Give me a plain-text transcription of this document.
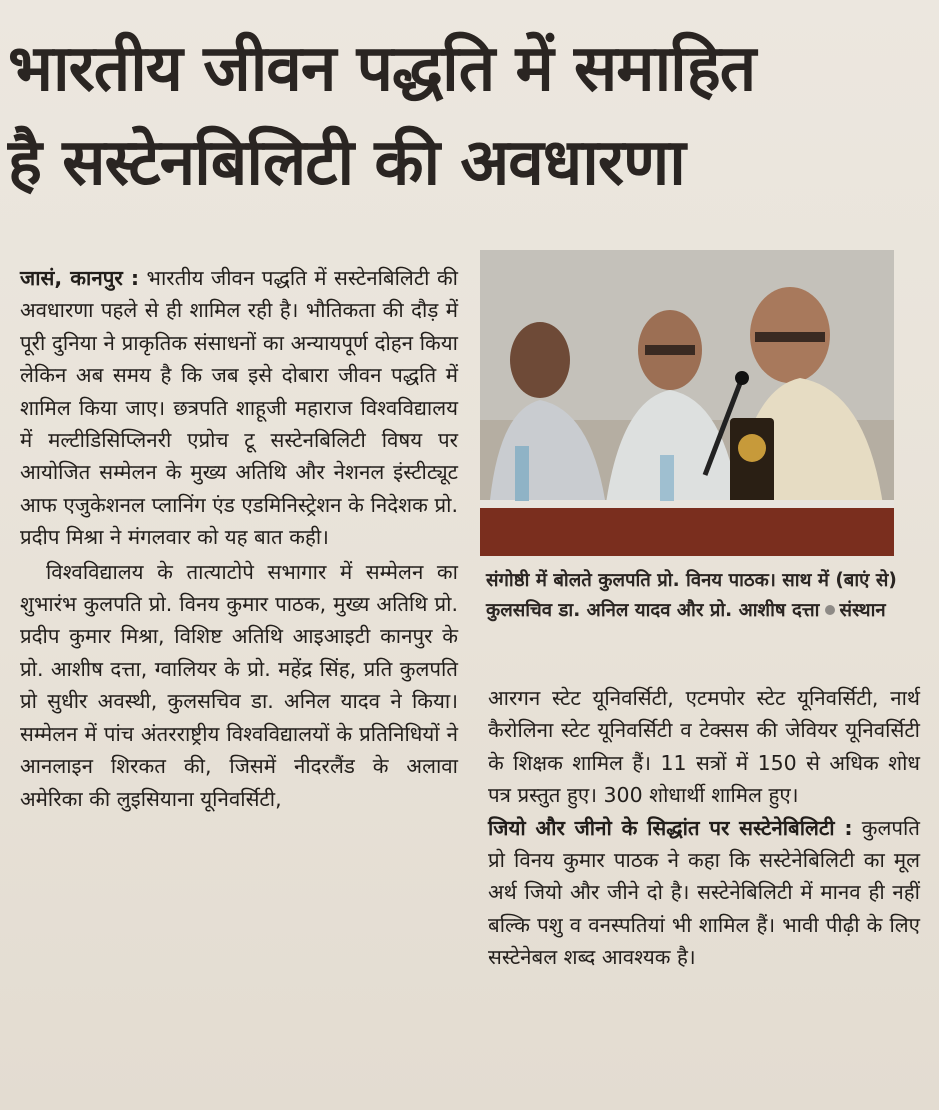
भारतीय जीवन पद्धति में समाहित
है सस्टेनबिलिटी की अवधारणा

जासं, कानपुर : भारतीय जीवन पद्धति में सस्टेनबिलिटी की अवधारणा पहले से ही शामिल रही है। भौतिकता की दौड़ में पूरी दुनिया ने प्राकृतिक संसाधनों का अन्यायपूर्ण दोहन किया लेकिन अब समय है कि जब इसे दोबारा जीवन पद्धति में शामिल किया जाए। छत्रपति शाहूजी महाराज विश्वविद्यालय में मल्टीडिसिप्लिनरी एप्रोच टू सस्टेनबिलिटी विषय पर आयोजित सम्मेलन के मुख्य अतिथि और नेशनल इंस्टीट्यूट आफ एजुकेशनल प्लानिंग एंड एडमिनिस्ट्रेशन के निदेशक प्रो. प्रदीप मिश्रा ने मंगलवार को यह बात कही।

विश्वविद्यालय के तात्याटोपे सभागार में सम्मेलन का शुभारंभ कुलपति प्रो. विनय कुमार पाठक, मुख्य अतिथि प्रो. प्रदीप कुमार मिश्रा, विशिष्ट अतिथि आइआइटी कानपुर के प्रो. आशीष दत्ता, ग्वालियर के प्रो. महेंद्र सिंह, प्रति कुलपति प्रो सुधीर अवस्थी, कुलसचिव डा. अनिल यादव ने किया। सम्मेलन में पांच अंतरराष्ट्रीय विश्वविद्यालयों के प्रतिनिधियों ने आनलाइन शिरकत की, जिसमें नीदरलैंड के अलावा अमेरिका की लुइसियाना यूनिवर्सिटी,

संगोष्ठी में बोलते कुलपति प्रो. विनय पाठक। साथ में (बाएं से) कुलसचिव डा. अनिल यादव और प्रो. आशीष दत्ता संस्थान

आरगन स्टेट यूनिवर्सिटी, एटमपोर स्टेट यूनिवर्सिटी, नार्थ कैरोलिना स्टेट यूनिवर्सिटी व टेक्सस की जेवियर यूनिवर्सिटी के शिक्षक शामिल हैं। 11 सत्रों में 150 से अधिक शोध पत्र प्रस्तुत हुए। 300 शोधार्थी शामिल हुए।

जियो और जीनो के सिद्धांत पर सस्टेनेबिलिटी : कुलपति प्रो विनय कुमार पाठक ने कहा कि सस्टेनेबिलिटी का मूल अर्थ जियो और जीने दो है। सस्टेनेबिलिटी में मानव ही नहीं बल्कि पशु व वनस्पतियां भी शामिल हैं। भावी पीढ़ी के लिए सस्टेनेबल शब्द आवश्यक है।
